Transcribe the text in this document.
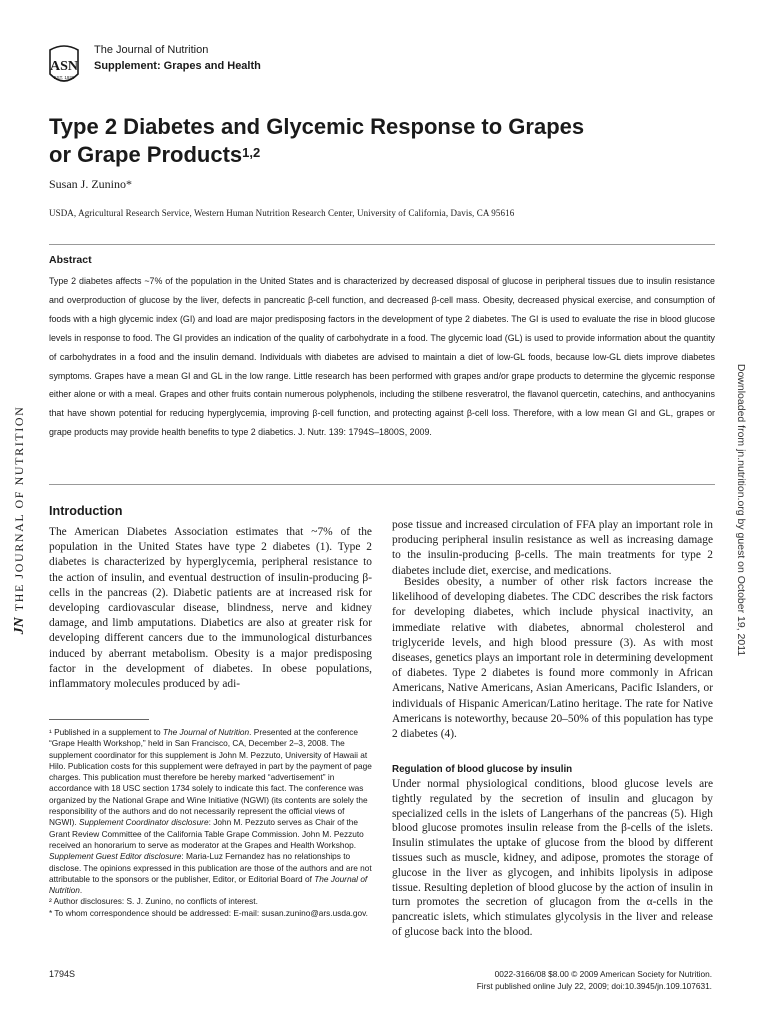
ASN
EST. 1928
The Journal of Nutrition
Supplement: Grapes and Health
Type 2 Diabetes and Glycemic Response to Grapes or Grape Products$^{1,2}$
Susan J. Zunino*
USDA, Agricultural Research Service, Western Human Nutrition Research Center, University of California, Davis, CA 95616
Abstract

Type 2 diabetes affects ~7% of the population in the United States and is characterized by decreased disposal of glucose in peripheral tissues due to insulin resistance and overproduction of glucose by the liver, defects in pancreatic β-cell function, and decreased β-cell mass. Obesity, decreased physical exercise, and consumption of foods with a high glycemic index (GI) and load are major predisposing factors in the development of type 2 diabetes. The GI is used to evaluate the rise in blood glucose levels in response to food. The GI provides an indication of the quality of carbohydrate in a food. The glycemic load (GL) is used to provide information about the quantity of carbohydrates in a food and the insulin demand. Individuals with diabetes are advised to maintain a diet of low-GL foods, because low-GL diets improve diabetes symptoms. Grapes have a mean GI and GL in the low range. Little research has been performed with grapes and/or grape products to determine the glycemic response either alone or with a meal. Grapes and other fruits contain numerous polyphenols, including the stilbene resveratrol, the flavanol quercetin, catechins, and anthocyanins that have shown potential for reducing hyperglycemia, improving β-cell function, and protecting against β-cell loss. Therefore, with a low mean GI and GL, grapes or grape products may provide health benefits to type 2 diabetics. J. Nutr. 139: 1794S–1800S, 2009.

Introduction

The American Diabetes Association estimates that ~7% of the population in the United States have type 2 diabetes (1). Type 2 diabetes is characterized by hyperglycemia, peripheral resistance to the action of insulin, and eventual destruction of insulin-producing β-cells in the pancreas (2). Diabetic patients are at increased risk for developing cardiovascular disease, blindness, nerve and kidney damage, and limb amputations. Diabetics are also at greater risk for developing different cancers due to the immunological disturbances induced by aberrant metabolism. Obesity is a major predisposing factor in the development of diabetes. In obese populations, inflammatory molecules produced by adi-

pose tissue and increased circulation of FFA play an important role in producing peripheral insulin resistance as well as increasing damage to the insulin-producing β-cells. The main treatments for type 2 diabetes include diet, exercise, and medications.

Besides obesity, a number of other risk factors increase the likelihood of developing diabetes. The CDC describes the risk factors for developing diabetes, which include physical inactivity, an immediate relative with diabetes, abnormal cholesterol and triglyceride levels, and high blood pressure (3). As with most diseases, genetics plays an important role in determining development of diabetes. Type 2 diabetes is found more commonly in African Americans, Native Americans, Asian Americans, Pacific Islanders, or individuals of Hispanic American/Latino heritage. The rate for Native Americans is noteworthy, because 20–50% of this population has type 2 diabetes (4).

Regulation of blood glucose by insulin

Under normal physiological conditions, blood glucose levels are tightly regulated by the secretion of insulin and glucagon by specialized cells in the islets of Langerhans of the pancreas (5). High blood glucose promotes insulin release from the β-cells of the islets. Insulin stimulates the uptake of glucose from the blood by different tissues such as muscle, kidney, and adipose, promotes the storage of glucose in the liver as glycogen, and inhibits lipolysis in adipose tissue. Resulting depletion of blood glucose by the action of insulin in turn promotes the secretion of glucagon from the α-cells in the pancreatic islets, which stimulates glycolysis in the liver and release of glucose back into the blood.

¹ Published in a supplement to The Journal of Nutrition. Presented at the conference “Grape Health Workshop,” held in San Francisco, CA, December 2–3, 2008. The supplement coordinator for this supplement is John M. Pezzuto, University of Hawaii at Hilo. Publication costs for this supplement were defrayed in part by the payment of page charges. This publication must therefore be hereby marked “advertisement” in accordance with 18 USC section 1734 solely to indicate this fact. The conference was organized by the National Grape and Wine Initiative (NGWI) (its contents are solely the responsibility of the authors and do not necessarily represent the official views of NGWI). Supplement Coordinator disclosure: John M. Pezzuto serves as Chair of the Grant Review Committee of the California Table Grape Commission. John M. Pezzuto received an honorarium to serve as moderator at the Grapes and Health Workshop. Supplement Guest Editor disclosure: Maria-Luz Fernandez has no relationships to disclose. The opinions expressed in this publication are those of the authors and are not attributable to the sponsors or the publisher, Editor, or Editorial Board of The Journal of Nutrition.

² Author disclosures: S. J. Zunino, no conflicts of interest.

* To whom correspondence should be addressed: E-mail: susan.zunino@ars.usda.gov.

1794S	0022-3166/08 $8.00 © 2009 American Society for Nutrition.
First published online July 22, 2009; doi:10.3945/jn.109.107631.
JNTHE JOURNAL OF NUTRITION	Downloaded from jn.nutrition.org by guest on October 19, 2011
